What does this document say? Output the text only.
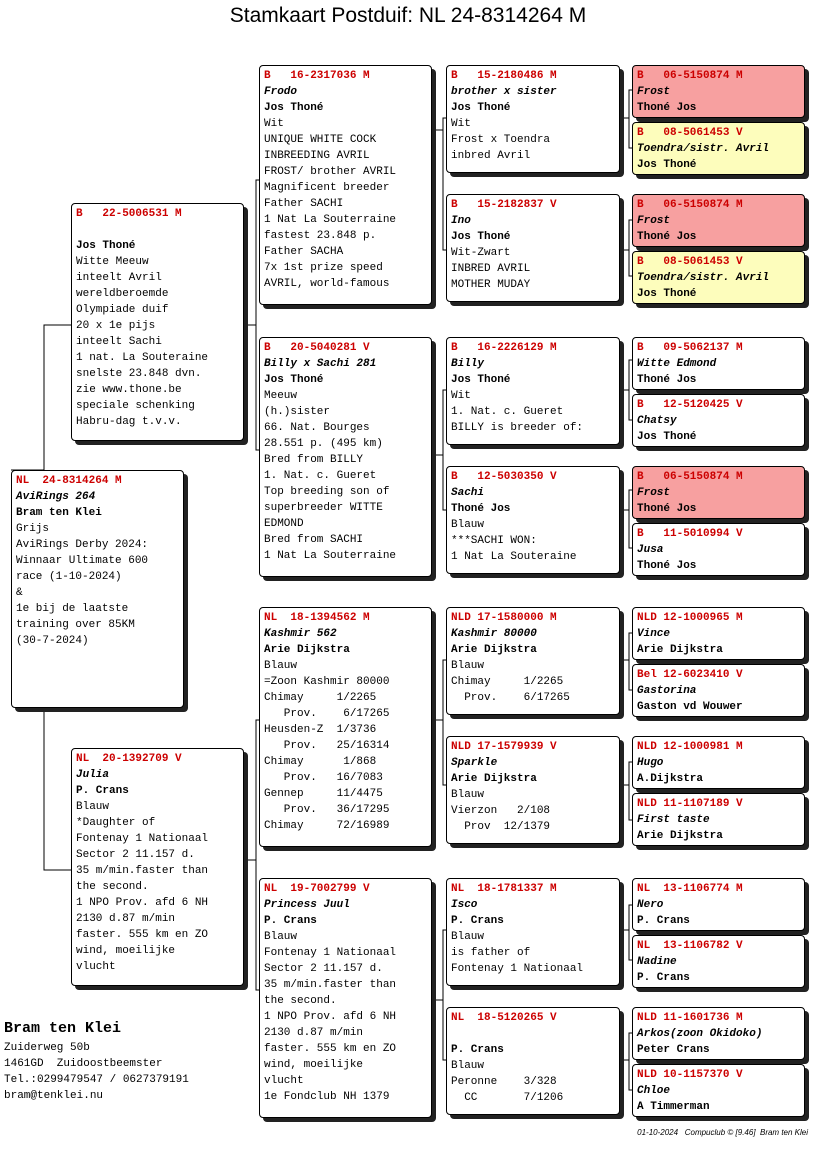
Stamkaart Postduif: NL 24-8314264 M
NL  24-8314264 M
AviRings 264
Bram ten Klei
Grijs
AviRings Derby 2024:
Winnaar Ultimate 600
race (1-10-2024)
&
1e bij de laatste
training over 85KM
(30-7-2024)
B   22-5006531 M

Jos Thoné
Witte Meeuw
inteelt Avril
wereldberoemde
Olympiade duif
20 x 1e pijs
inteelt Sachi
1 nat. La Souteraine
snelste 23.848 dvn.
zie www.thone.be
speciale schenking
Habru-dag t.v.v.
NL  20-1392709 V
Julia
P. Crans
Blauw
*Daughter of
Fontenay 1 Nationaal
Sector 2 11.157 d.
35 m/min.faster than
the second.
1 NPO Prov. afd 6 NH
2130 d.87 m/min
faster. 555 km en ZO
wind, moeilijke
vlucht
B   16-2317036 M
Frodo
Jos Thoné
Wit
UNIQUE WHITE COCK
INBREEDING AVRIL
FROST/ brother AVRIL
Magnificent breeder
Father SACHI
1 Nat La Souterraine
fastest 23.848 p.
Father SACHA
7x 1st prize speed
AVRIL, world-famous
B   20-5040281 V
Billy x Sachi 281
Jos Thoné
Meeuw
(h.)sister
66. Nat. Bourges
28.551 p. (495 km)
Bred from BILLY
1. Nat. c. Gueret
Top breeding son of
superbreeder WITTE
EDMOND
Bred from SACHI
1 Nat La Souterraine
NL  18-1394562 M
Kashmir 562
Arie Dijkstra
Blauw
=Zoon Kashmir 80000
Chimay     1/2265
Prov.    6/17265
Heusden-Z  1/3736
Prov.   25/16314
Chimay      1/868
Prov.   16/7083
Gennep     11/4475
Prov.   36/17295
Chimay     72/16989
NL  19-7002799 V
Princess Juul
P. Crans
Blauw
Fontenay 1 Nationaal
Sector 2 11.157 d.
35 m/min.faster than
the second.
1 NPO Prov. afd 6 NH
2130 d.87 m/min
faster. 555 km en ZO
wind, moeilijke
vlucht
1e Fondclub NH 1379
B   15-2180486 M
brother x sister
Jos Thoné
Wit
Frost x Toendra
inbred Avril
B   15-2182837 V
Ino
Jos Thoné
Wit-Zwart
INBRED AVRIL
MOTHER MUDAY
B   16-2226129 M
Billy
Jos Thoné
Wit
1. Nat. c. Gueret
BILLY is breeder of:
B   12-5030350 V
Sachi
Thoné Jos
Blauw
***SACHI WON:
1 Nat La Souteraine
NLD 17-1580000 M
Kashmir 80000
Arie Dijkstra
Blauw
Chimay     1/2265
Prov.    6/17265
NLD 17-1579939 V
Sparkle
Arie Dijkstra
Blauw
Vierzon   2/108
Prov  12/1379
NL  18-1781337 M
Isco
P. Crans
Blauw
is father of
Fontenay 1 Nationaal
NL  18-5120265 V

P. Crans
Blauw
Peronne    3/328
CC       7/1206
B   06-5150874 M
Frost
Thoné Jos
B   08-5061453 V
Toendra/sistr. Avril
Jos Thoné
B   06-5150874 M
Frost
Thoné Jos
B   08-5061453 V
Toendra/sistr. Avril
Jos Thoné
B   09-5062137 M
Witte Edmond
Thoné Jos
B   12-5120425 V
Chatsy
Jos Thoné
B   06-5150874 M
Frost
Thoné Jos
B   11-5010994 V
Jusa
Thoné Jos
NLD 12-1000965 M
Vince
Arie Dijkstra
Bel 12-6023410 V
Gastorina
Gaston vd Wouwer
NLD 12-1000981 M
Hugo
A.Dijkstra
NLD 11-1107189 V
First taste
Arie Dijkstra
NL  13-1106774 M
Nero
P. Crans
NL  13-1106782 V
Nadine
P. Crans
NLD 11-1601736 M
Arkos(zoon Okidoko)
Peter Crans
NLD 10-1157370 V
Chloe
A Timmerman
Bram ten Klei
Zuiderweg 50b
1461GD  Zuidoostbeemster
Tel.:0299479547 / 0627379191
bram@tenklei.nu
01-10-2024   Compuclub © [9.46]  Bram ten Klei
